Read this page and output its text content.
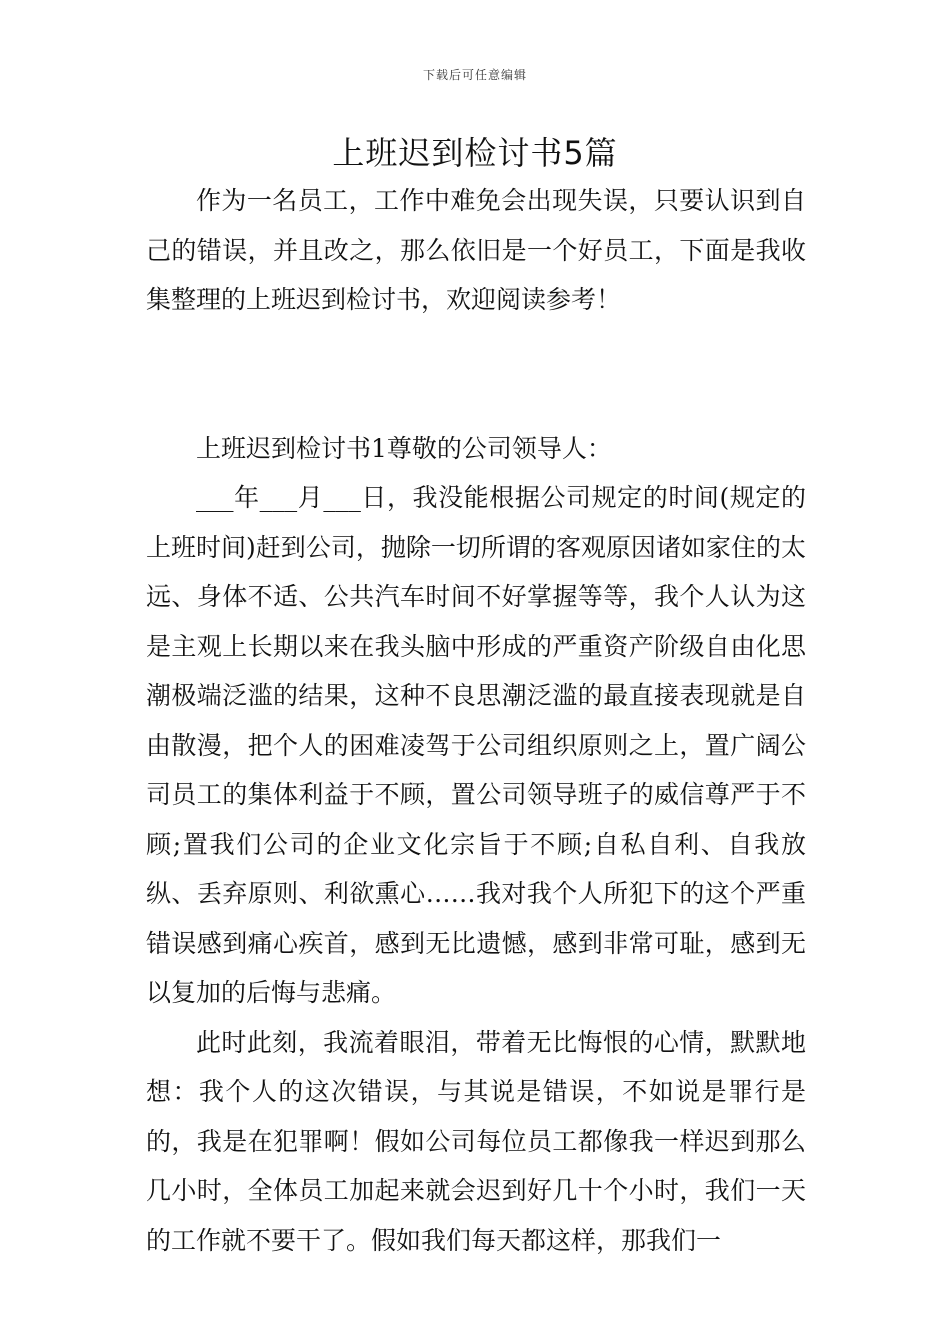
下载后可任意编辑
上班迟到检讨书5篇

作为一名员工，工作中难免会出现失误，只要认识到自己的错误，并且改之，那么依旧是一个好员工，下面是我收集整理的上班迟到检讨书，欢迎阅读参考！

上班迟到检讨书1尊敬的公司领导人：

___年___月___日，我没能根据公司规定的时间(规定的上班时间)赶到公司，抛除一切所谓的客观原因诸如家住的太远、身体不适、公共汽车时间不好掌握等等，我个人认为这是主观上长期以来在我头脑中形成的严重资产阶级自由化思潮极端泛滥的结果，这种不良思潮泛滥的最直接表现就是自由散漫，把个人的困难凌驾于公司组织原则之上，置广阔公司员工的集体利益于不顾，置公司领导班子的威信尊严于不顾;置我们公司的企业文化宗旨于不顾;自私自利、自我放纵、丢弃原则、利欲熏心……我对我个人所犯下的这个严重错误感到痛心疾首，感到无比遗憾，感到非常可耻，感到无以复加的后悔与悲痛。

此时此刻，我流着眼泪，带着无比悔恨的心情，默默地想：我个人的这次错误，与其说是错误，不如说是罪行是的，我是在犯罪啊！假如公司每位员工都像我一样迟到那么几小时，全体员工加起来就会迟到好几十个小时，我们一天的工作就不要干了。假如我们每天都这样，那我们一
